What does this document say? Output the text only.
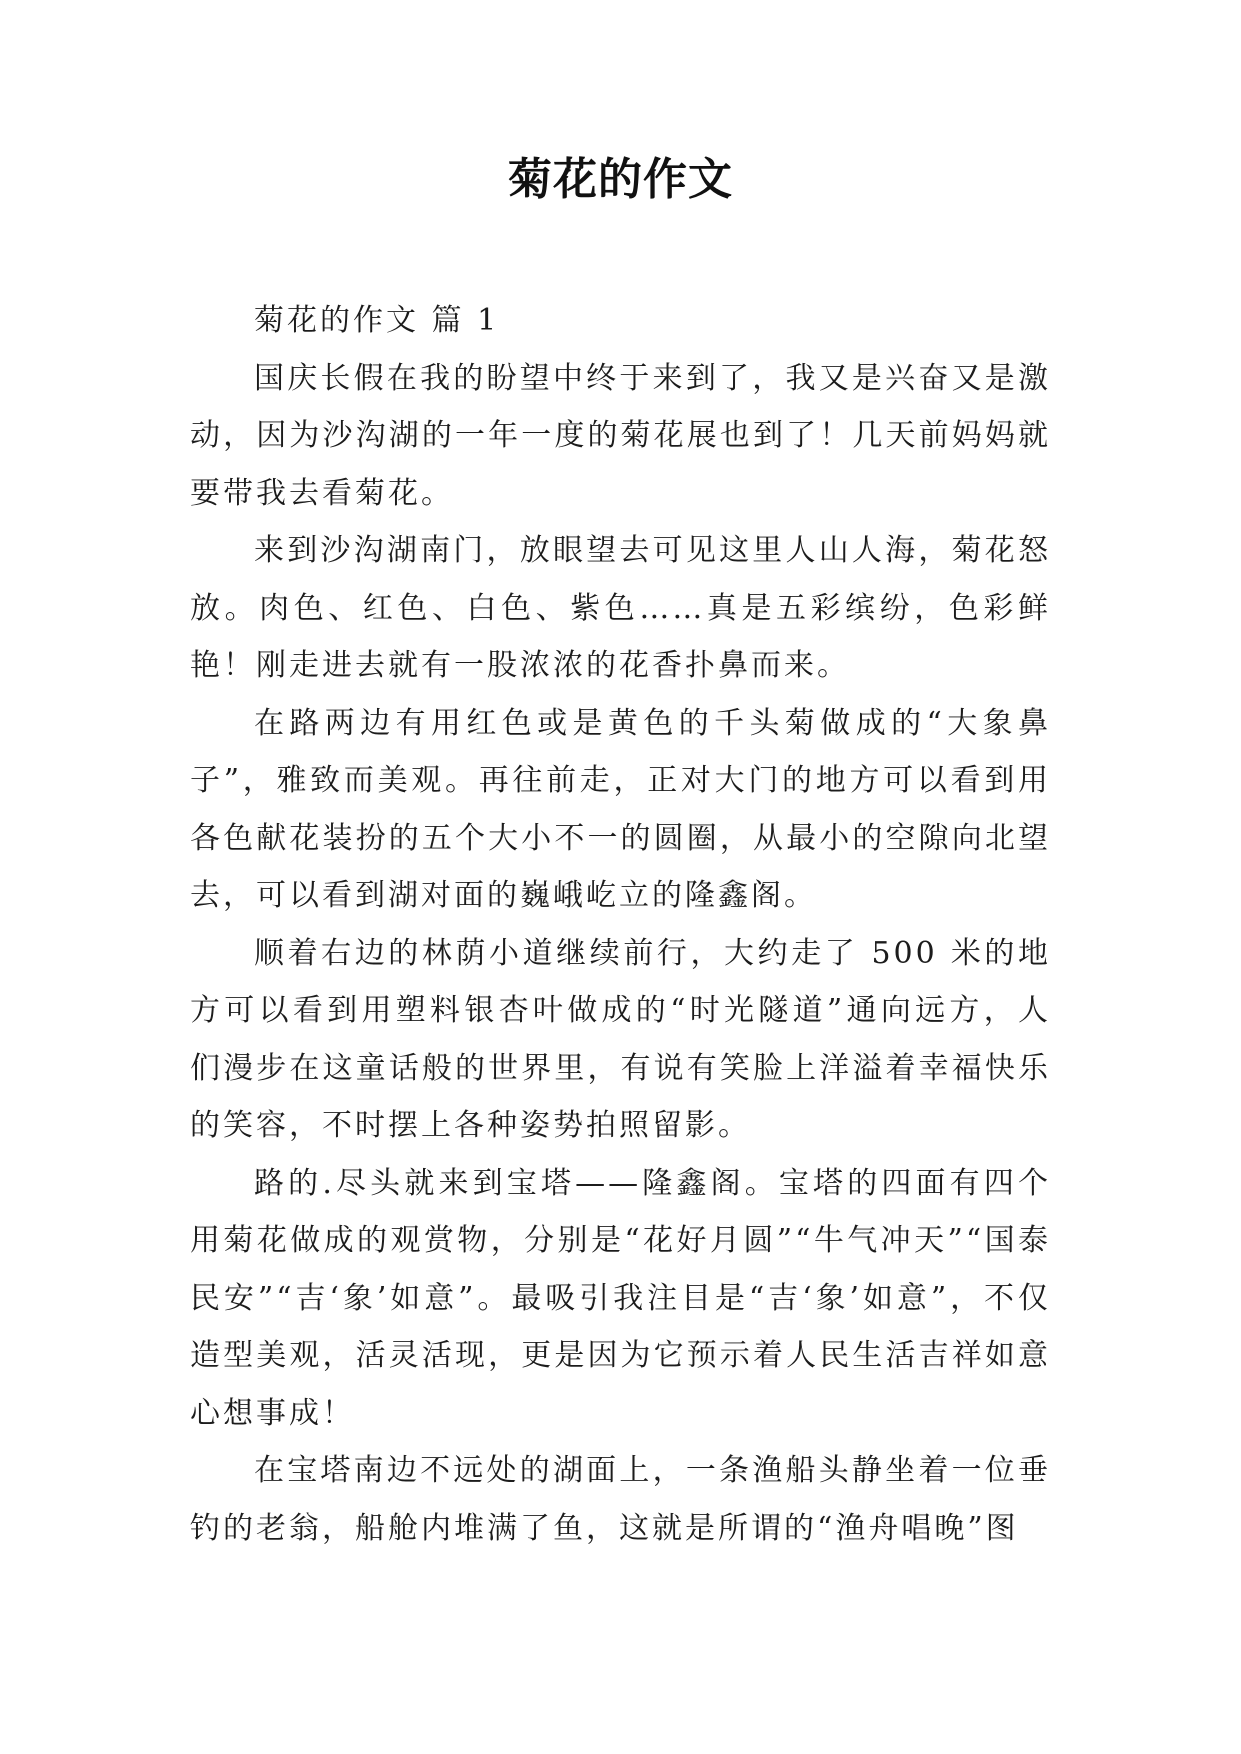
菊花的作文

菊花的作文 篇 1

国庆长假在我的盼望中终于来到了，我又是兴奋又是激动，因为沙沟湖的一年一度的菊花展也到了！几天前妈妈就要带我去看菊花。

来到沙沟湖南门，放眼望去可见这里人山人海，菊花怒放。肉色、红色、白色、紫色……真是五彩缤纷，色彩鲜艳！刚走进去就有一股浓浓的花香扑鼻而来。

在路两边有用红色或是黄色的千头菊做成的“大象鼻子”，雅致而美观。再往前走，正对大门的地方可以看到用各色献花装扮的五个大小不一的圆圈，从最小的空隙向北望去，可以看到湖对面的巍峨屹立的隆鑫阁。

顺着右边的林荫小道继续前行，大约走了 500 米的地方可以看到用塑料银杏叶做成的“时光隧道”通向远方，人们漫步在这童话般的世界里，有说有笑脸上洋溢着幸福快乐的笑容，不时摆上各种姿势拍照留影。

路的.尽头就来到宝塔——隆鑫阁。宝塔的四面有四个用菊花做成的观赏物，分别是“花好月圆”“牛气冲天”“国泰民安”“吉‘象’如意”。最吸引我注目是“吉‘象’如意”，不仅造型美观，活灵活现，更是因为它预示着人民生活吉祥如意心想事成！

在宝塔南边不远处的湖面上，一条渔船头静坐着一位垂钓的老翁，船舱内堆满了鱼，这就是所谓的“渔舟唱晚”图
